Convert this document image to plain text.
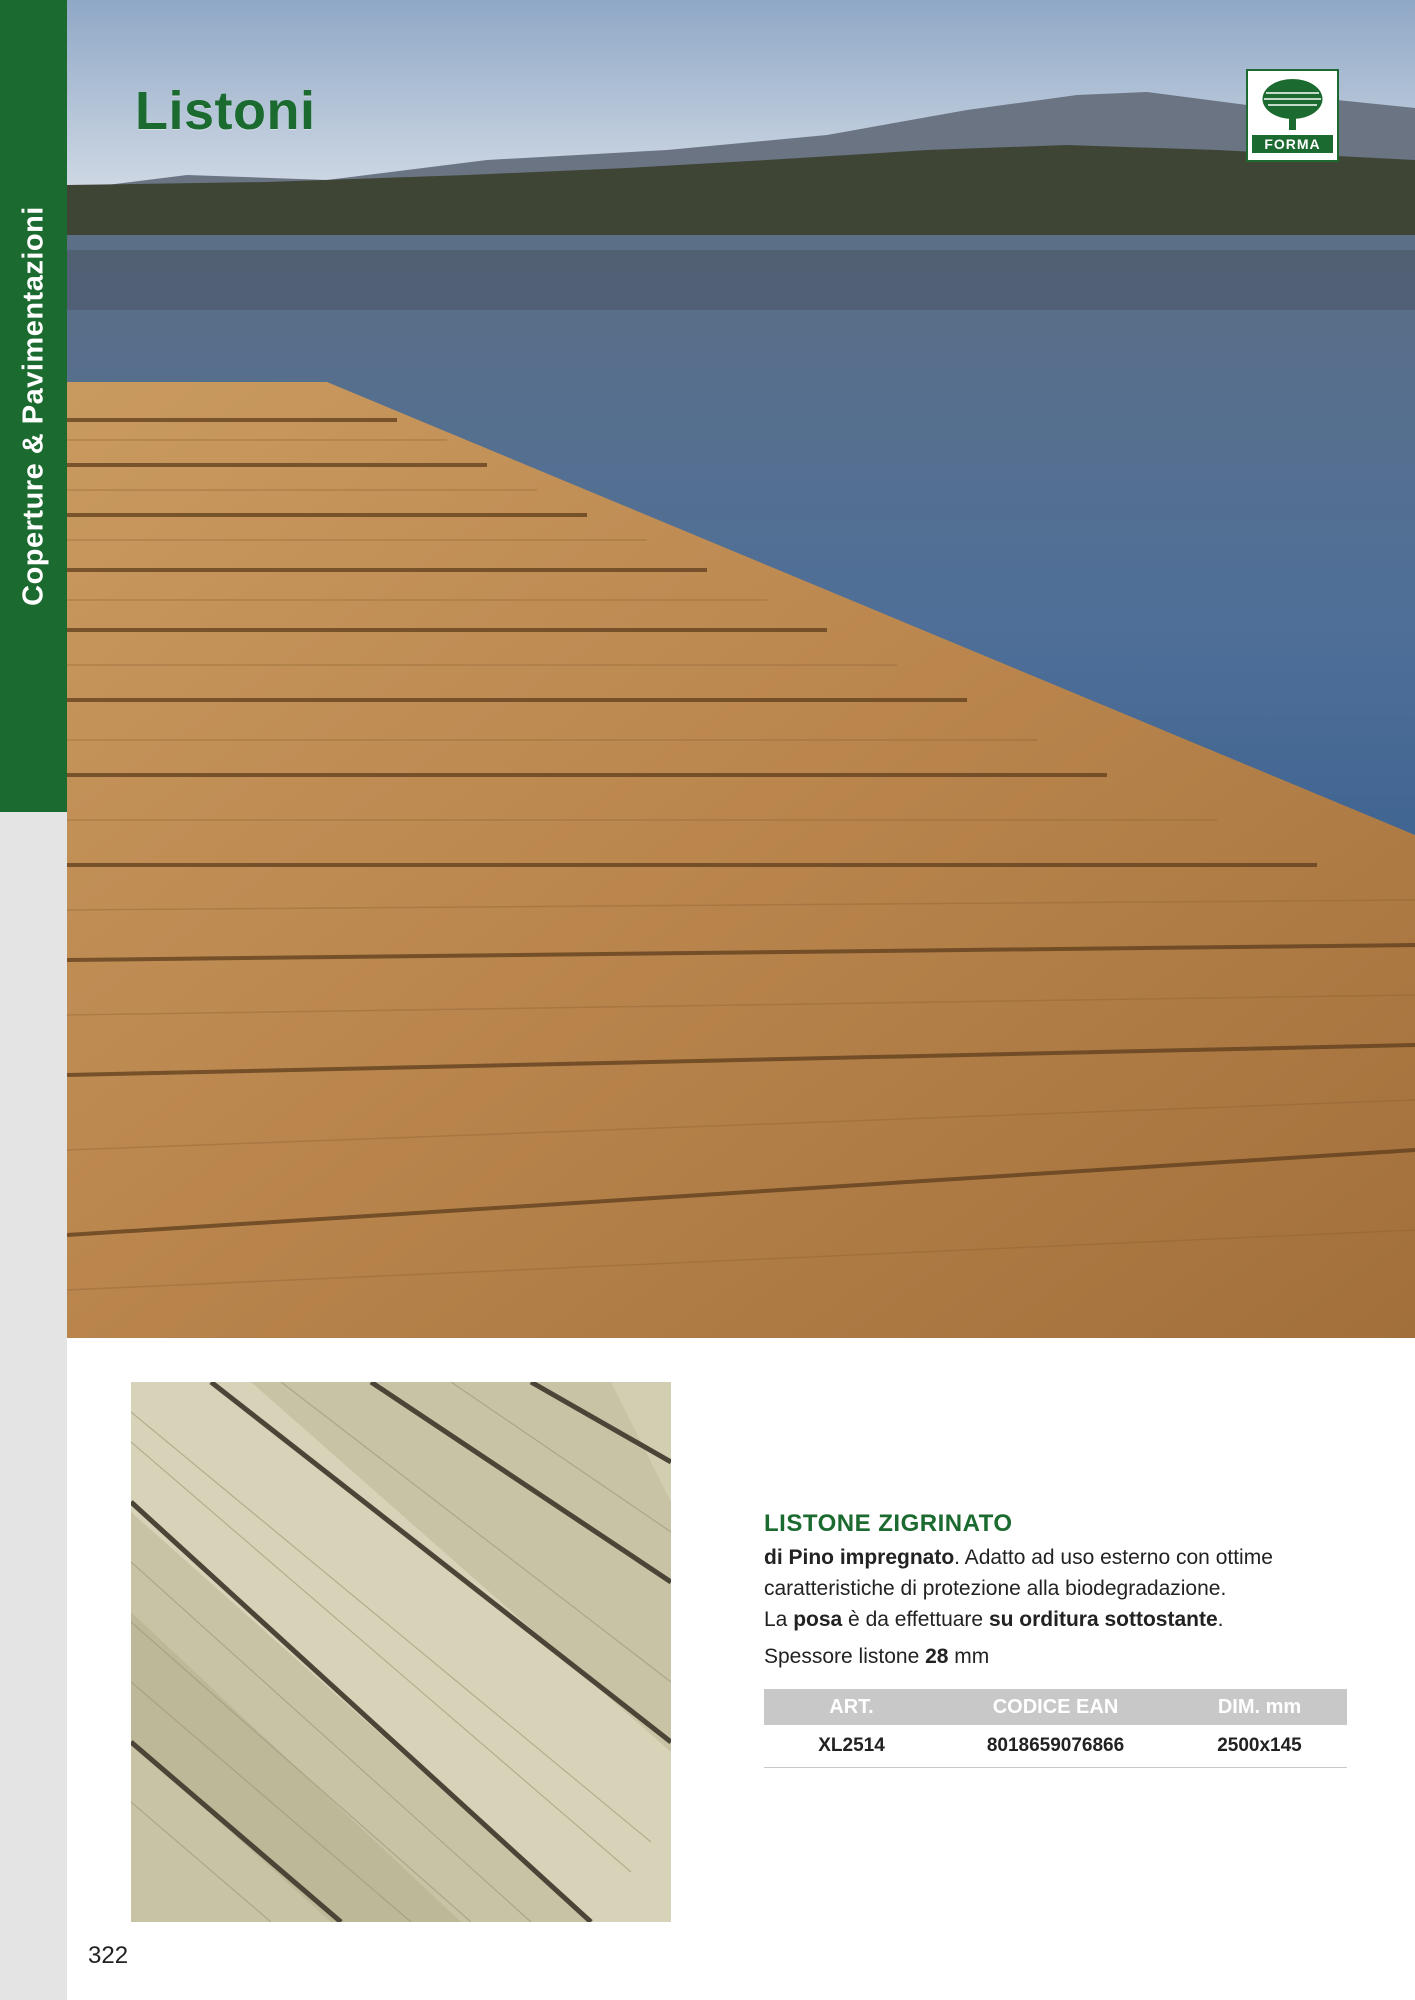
Coperture & Pavimentazioni
Listoni
FORMA
LISTONE ZIGRINATO

di Pino impregnato. Adatto ad uso esterno con ottime
caratteristiche di protezione alla biodegradazione.
La posa è da effettuare su orditura sottostante.

Spessore listone 28 mm

ART.	CODICE EAN	DIM. mm
XL2514	8018659076866	2500x145
322
